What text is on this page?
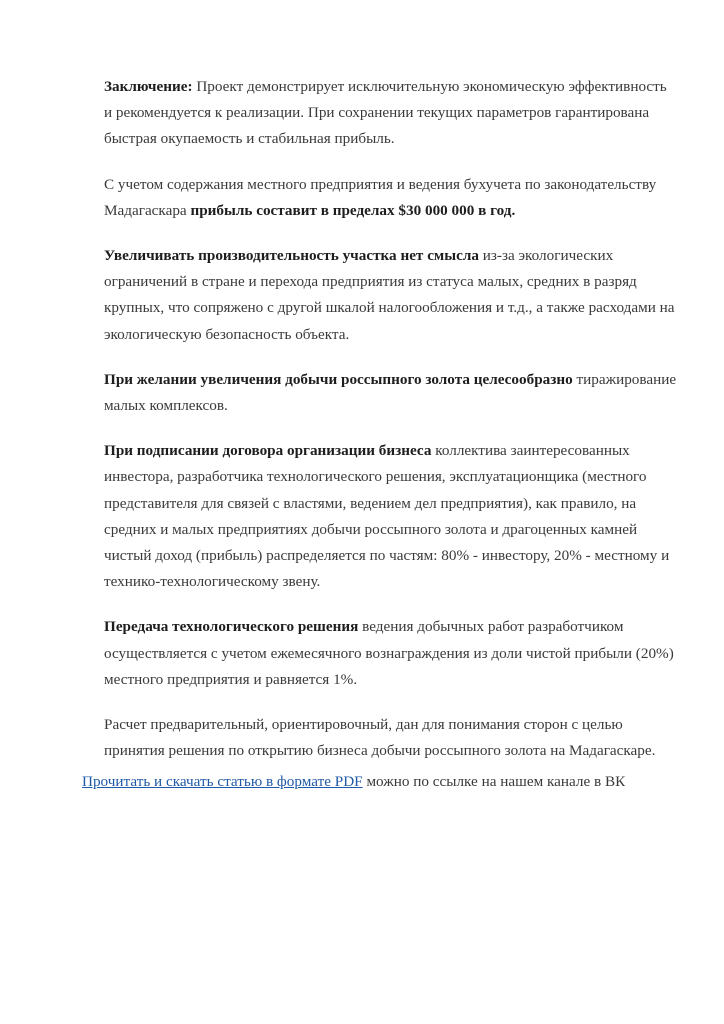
Заключение: Проект демонстрирует исключительную экономическую эффективность и рекомендуется к реализации. При сохранении текущих параметров гарантирована быстрая окупаемость и стабильная прибыль.

С учетом содержания местного предприятия и ведения бухучета по законодательству Мадагаскара прибыль составит в пределах $30 000 000 в год.

Увеличивать производительность участка нет смысла из-за экологических ограничений в стране и перехода предприятия из статуса малых, средних в разряд крупных, что сопряжено с другой шкалой налогообложения и т.д., а также расходами на экологическую безопасность объекта.

При желании увеличения добычи россыпного золота целесообразно тиражирование малых комплексов.

При подписании договора организации бизнеса коллектива заинтересованных инвестора, разработчика технологического решения, эксплуатационщика (местного представителя для связей с властями, ведением дел предприятия), как правило, на средних и малых предприятиях добычи россыпного золота и драгоценных камней чистый доход (прибыль) распределяется по частям: 80% - инвестору, 20% - местному и технико-технологическому звену.

Передача технологического решения ведения добычных работ разработчиком осуществляется с учетом ежемесячного вознаграждения из доли чистой прибыли (20%) местного предприятия и равняется 1%.

Расчет предварительный, ориентировочный, дан для понимания сторон с целью принятия решения по открытию бизнеса добычи россыпного золота на Мадагаскаре.

Прочитать и скачать статью в формате PDF можно по ссылке на нашем канале в ВК
